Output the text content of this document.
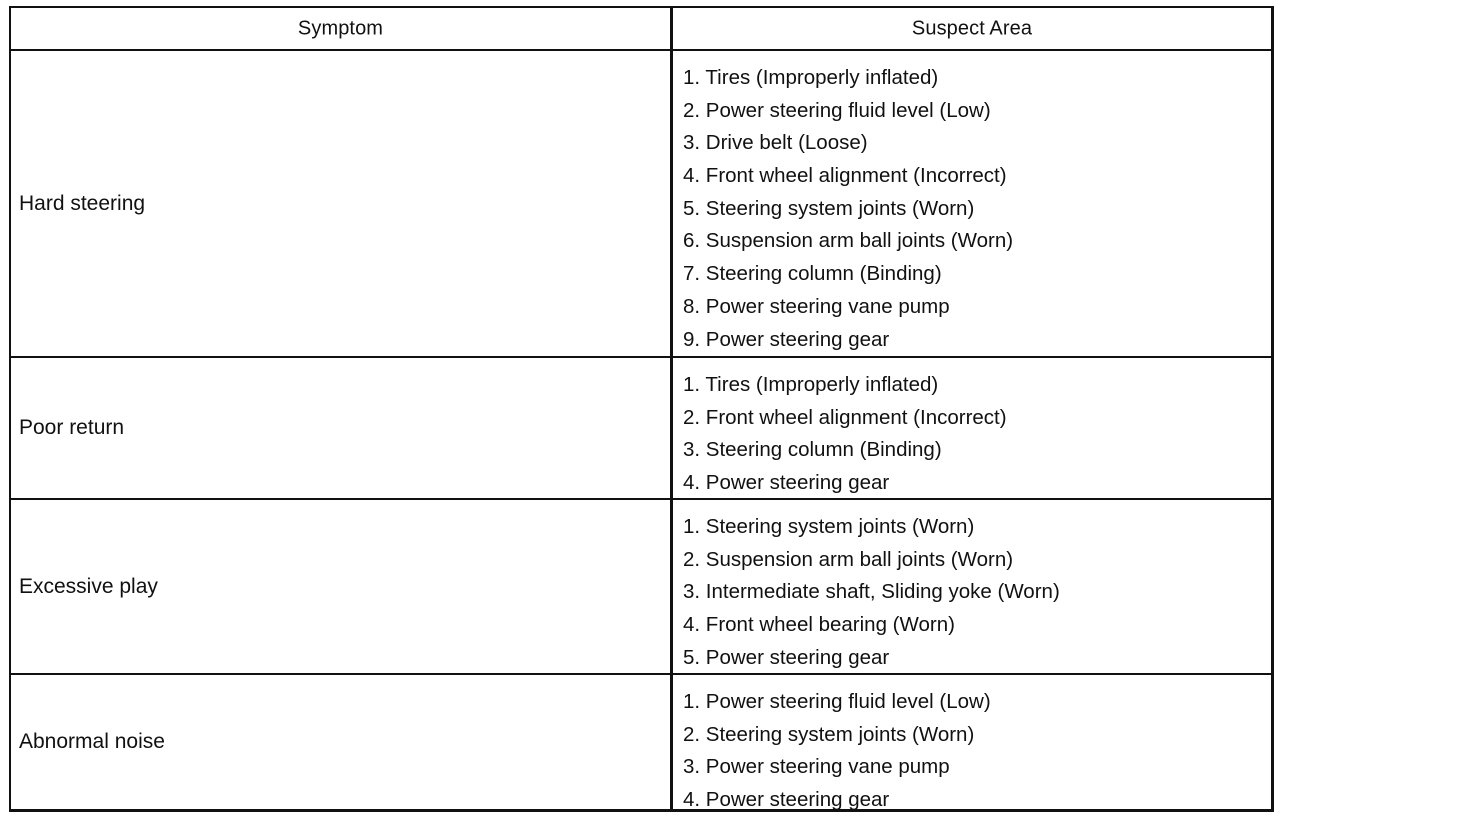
Symptom	Suspect Area
Hard steering
1. Tires (Improperly inflated)
2. Power steering fluid level (Low)
3. Drive belt (Loose)
4. Front wheel alignment (Incorrect)
5. Steering system joints (Worn)
6. Suspension arm ball joints (Worn)
7. Steering column (Binding)
8. Power steering vane pump
9. Power steering gear
Poor return
1. Tires (Improperly inflated)
2. Front wheel alignment (Incorrect)
3. Steering column (Binding)
4. Power steering gear
Excessive play
1. Steering system joints (Worn)
2. Suspension arm ball joints (Worn)
3. Intermediate shaft, Sliding yoke (Worn)
4. Front wheel bearing (Worn)
5. Power steering gear
Abnormal noise
1. Power steering fluid level (Low)
2. Steering system joints (Worn)
3. Power steering vane pump
4. Power steering gear
